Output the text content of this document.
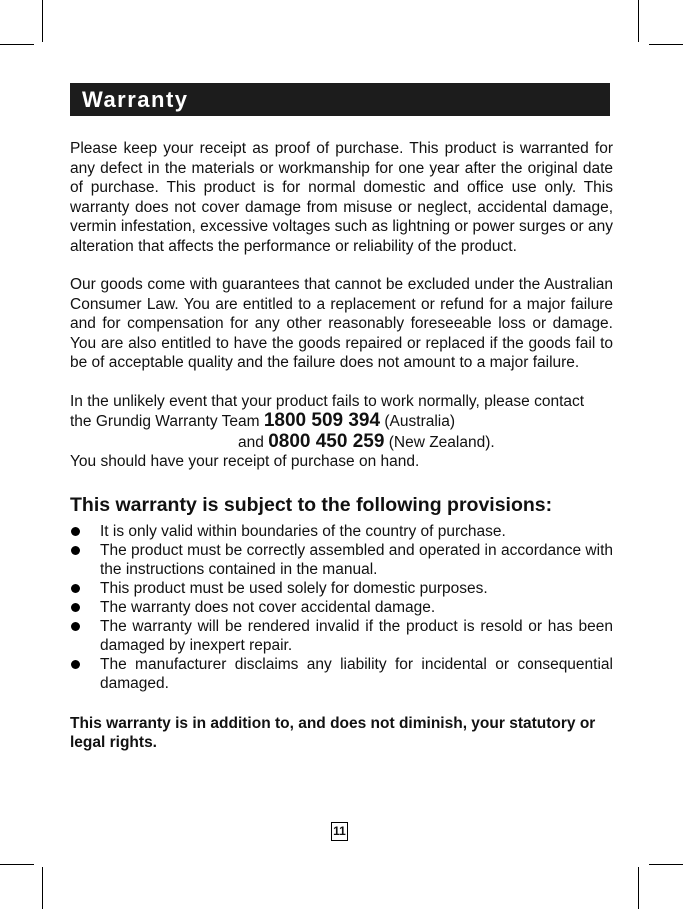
Warranty

Please keep your receipt as proof of purchase. This product is warranted for any defect in the materials or workmanship for one year after the original date of purchase. This product is for normal domestic and office use only. This warranty does not cover damage from misuse or neglect, accidental damage, vermin infestation, excessive voltages such as lightning or power surges or any alteration that affects the performance or reliability of the product.

Our goods come with guarantees that cannot be excluded under the Australian Consumer Law. You are entitled to a replacement or refund for a major failure and for compensation for any other reasonably foreseeable loss or damage. You are also entitled to have the goods repaired or replaced if the goods fail to be of acceptable quality and the failure does not amount to a major failure.

In the unlikely event that your product fails to work normally, please contact

the Grundig Warranty Team 1800 509 394 (Australia)

and 0800 450 259 (New Zealand).

You should have your receipt of purchase on hand.

This warranty is subject to the following provisions:
It is only valid within boundaries of the country of purchase.
The product must be correctly assembled and operated in accordance with the instructions contained in the manual.
This product must be used solely for domestic purposes.
The warranty does not cover accidental damage.
The warranty will be rendered invalid if the product is resold or has been damaged by inexpert repair.
The manufacturer disclaims any liability for incidental or consequential damaged.

This warranty is in addition to, and does not diminish, your statutory or legal rights.

11
